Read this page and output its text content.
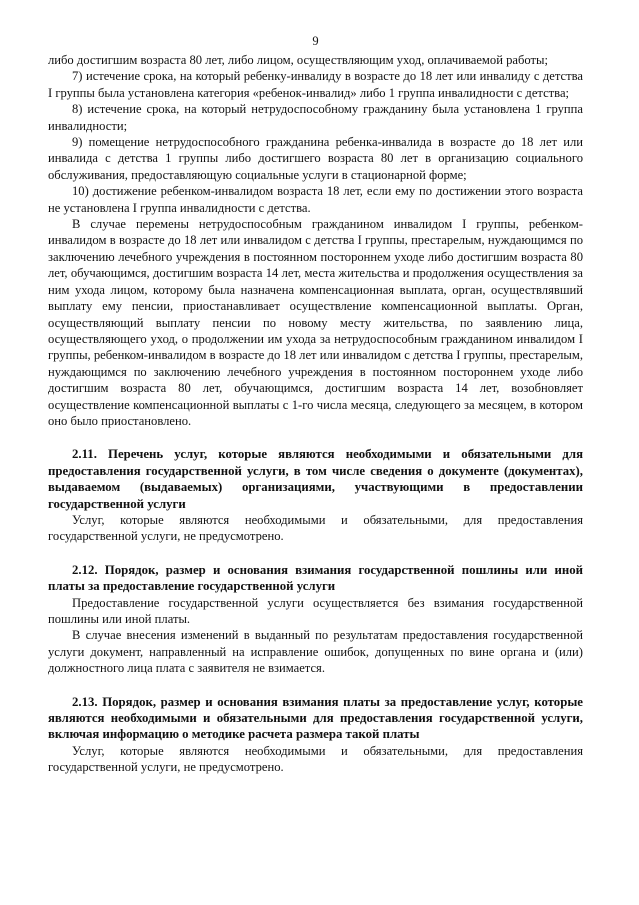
9

либо достигшим возраста 80 лет, либо лицом, осуществляющим уход, оплачиваемой работы;

7) истечение срока, на который ребенку-инвалиду в возрасте до 18 лет или инвалиду с детства I группы была установлена категория «ребенок-инвалид» либо 1 группа инвалидности с детства;

8) истечение срока, на который нетрудоспособному гражданину была установлена 1 группа инвалидности;

9) помещение нетрудоспособного гражданина ребенка-инвалида в возрасте до 18 лет или инвалида с детства 1 группы либо достигшего возраста 80 лет в организацию социального обслуживания, предоставляющую социальные услуги в стационарной форме;

10) достижение ребенком-инвалидом возраста 18 лет, если ему по достижении этого возраста не установлена I группа инвалидности с детства.

В случае перемены нетрудоспособным гражданином инвалидом I группы, ребенком-инвалидом в возрасте до 18 лет или инвалидом с детства I группы, престарелым, нуждающимся по заключению лечебного учреждения в постоянном постороннем уходе либо достигшим возраста 80 лет, обучающимся, достигшим возраста 14 лет, места жительства и продолжения осуществления за ним ухода лицом, которому была назначена компенсационная выплата, орган, осуществлявший выплату ему пенсии, приостанавливает осуществление компенсационной выплаты. Орган, осуществляющий выплату пенсии по новому месту жительства, по заявлению лица, осуществляющего уход, о продолжении им ухода за нетрудоспособным гражданином инвалидом I группы, ребенком-инвалидом в возрасте до 18 лет или инвалидом с детства I группы, престарелым, нуждающимся по заключению лечебного учреждения в постоянном постороннем уходе либо достигшим возраста 80 лет, обучающимся, достигшим возраста 14 лет, возобновляет осуществление компенсационной выплаты с 1-го числа месяца, следующего за месяцем, в котором оно было приостановлено.

2.11. Перечень услуг, которые являются необходимыми и обязательными для предоставления государственной услуги, в том числе сведения о документе (документах), выдаваемом (выдаваемых) организациями, участвующими в предоставлении государственной услуги

Услуг, которые являются необходимыми и обязательными, для предоставления государственной услуги, не предусмотрено.

2.12. Порядок, размер и основания взимания государственной пошлины или иной платы за предоставление государственной услуги

Предоставление государственной услуги осуществляется без взимания государственной пошлины или иной платы.

В случае внесения изменений в выданный по результатам предоставления государственной услуги документ, направленный на исправление ошибок, допущенных по вине органа и (или) должностного лица плата с заявителя не взимается.

2.13. Порядок, размер и основания взимания платы за предоставление услуг, которые являются необходимыми и обязательными для предоставления государственной услуги, включая информацию о методике расчета размера такой платы

Услуг, которые являются необходимыми и обязательными, для предоставления государственной услуги, не предусмотрено.
